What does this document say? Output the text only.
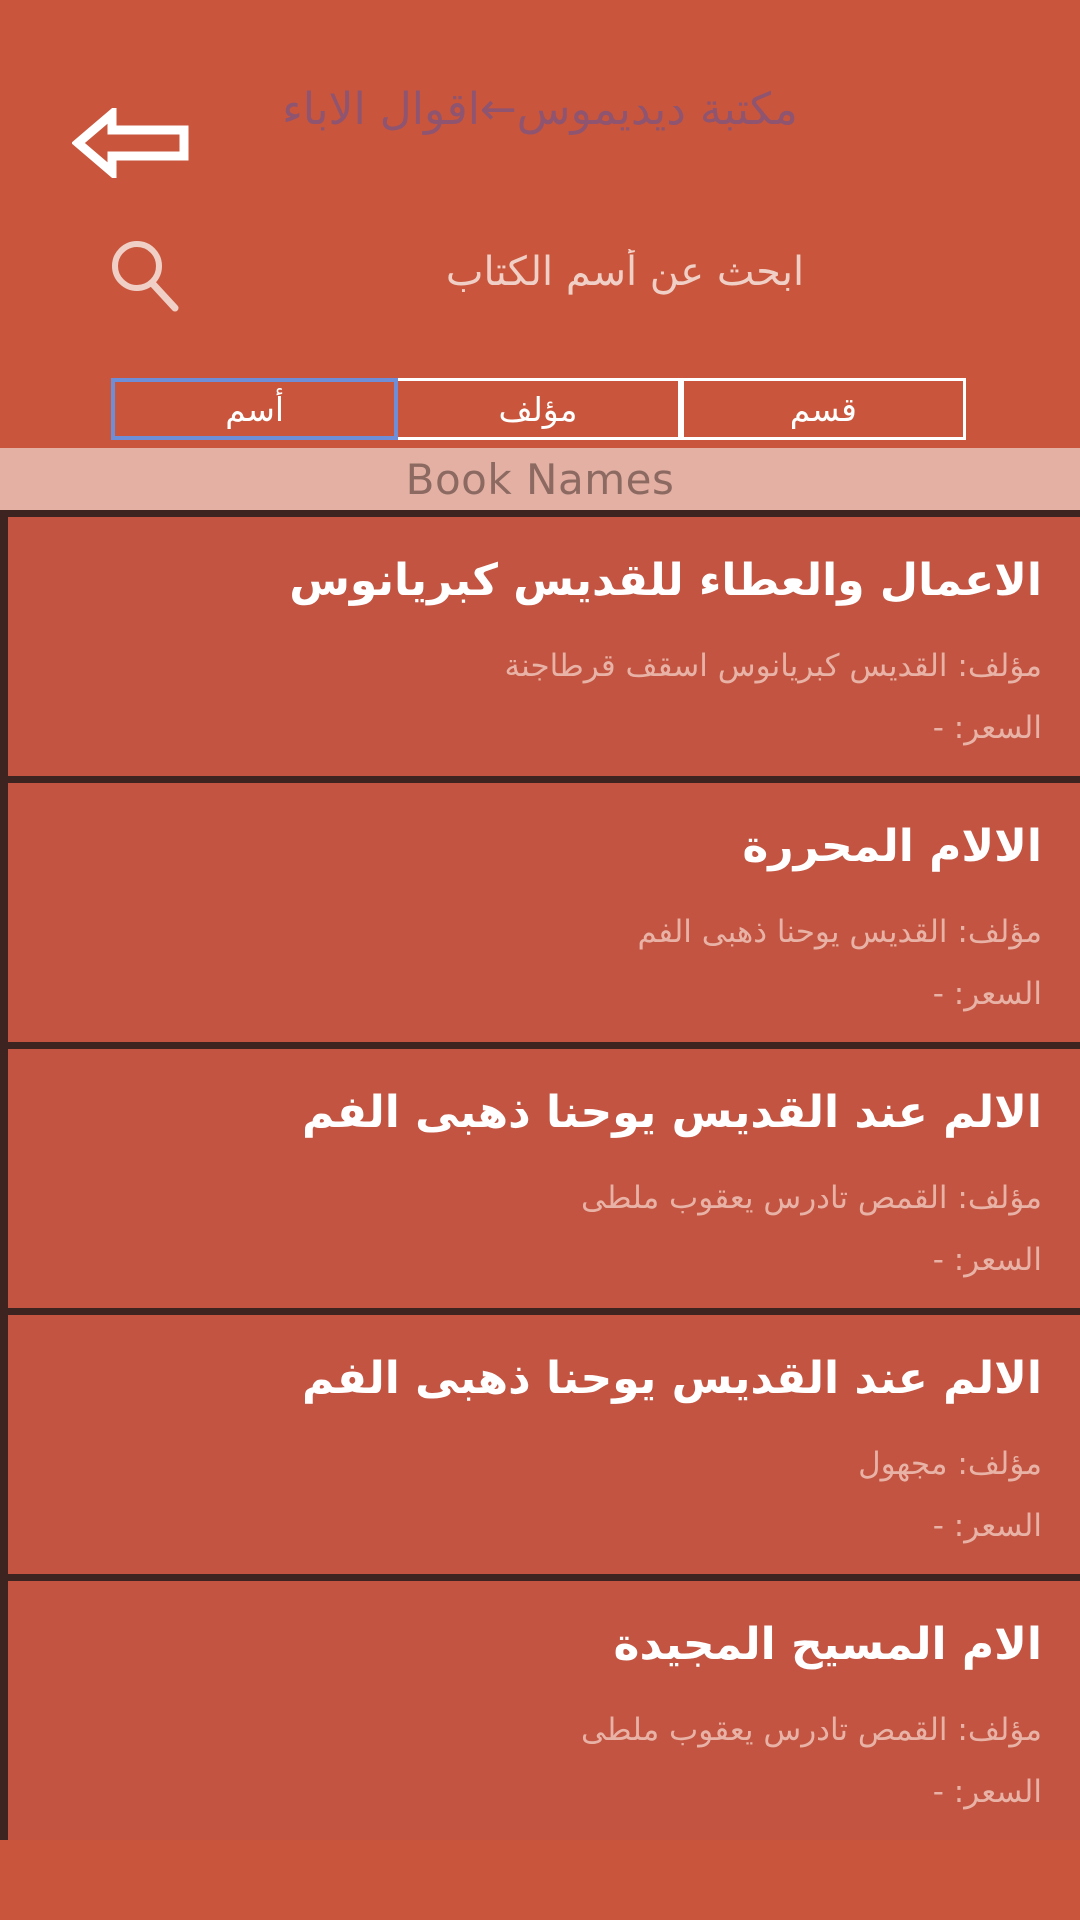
مكتبة ديديموس←اقوال الاباء
ابحث عن أسم الكتاب
قسم
مؤلف
أسم
Book Names
الاعمال والعطاء للقديس كبريانوس
مؤلف: القديس كبريانوس اسقف قرطاجنة
السعر: -
الالام المحررة
مؤلف: القديس يوحنا ذهبى الفم
السعر: -
الالم عند القديس يوحنا ذهبى الفم
مؤلف: القمص تادرس يعقوب ملطى
السعر: -
الالم عند القديس يوحنا ذهبى الفم
مؤلف: مجهول
السعر: -
الام المسيح المجيدة
مؤلف: القمص تادرس يعقوب ملطى
السعر: -
